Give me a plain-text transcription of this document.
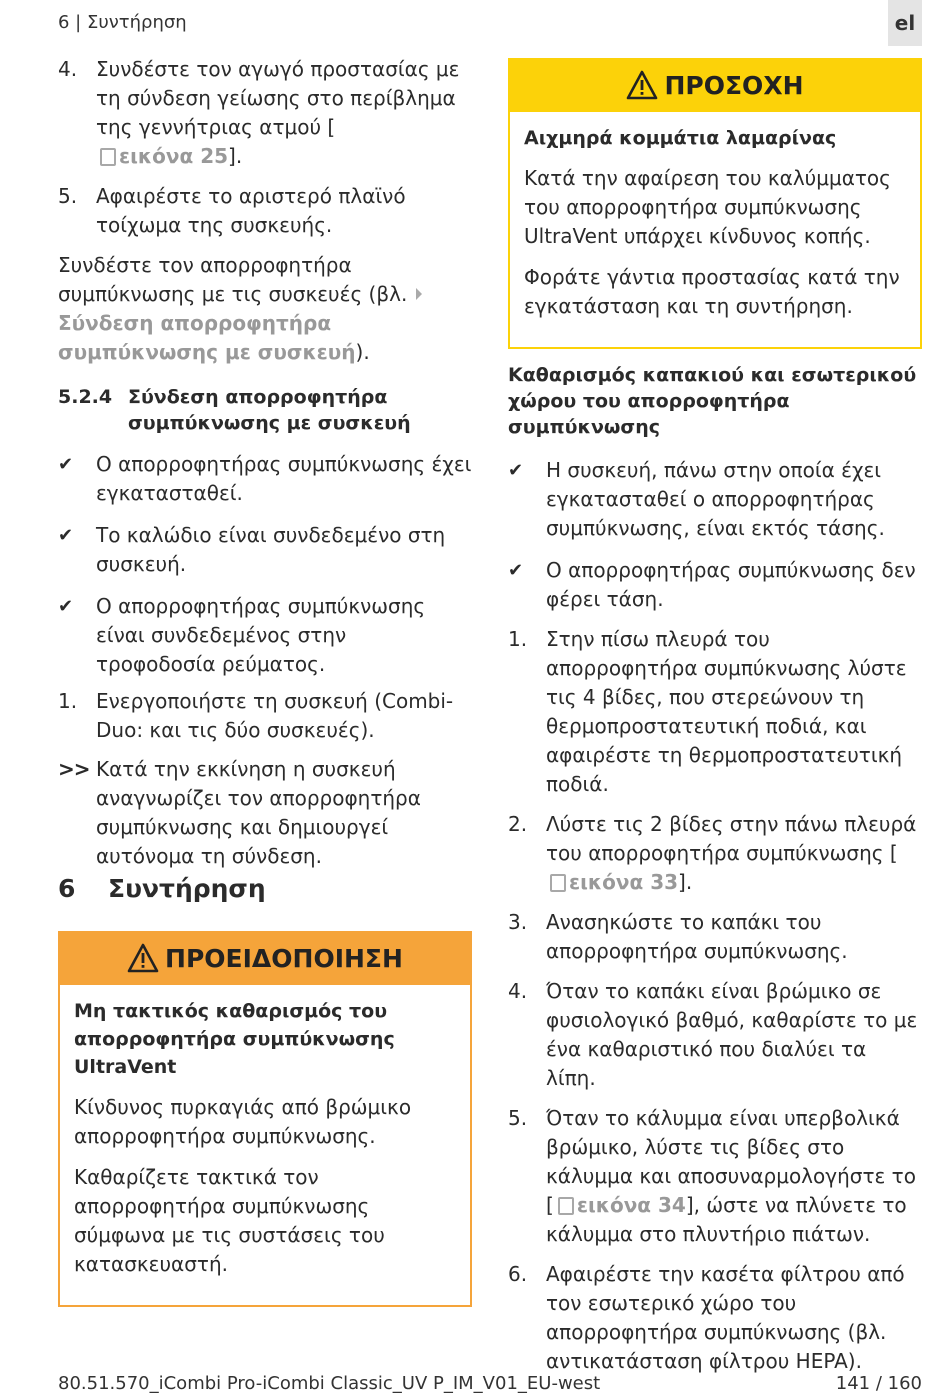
6 | Συντήρηση	el
4. Συνδέστε τον αγωγό προστασίας με τη σύνδεση γείωσης στο περίβλημα της γεννήτριας ατμού [εικόνα 25].
5. Αφαιρέστε το αριστερό πλαϊνό τοίχωμα της συσκευής.

Συνδέστε τον απορροφητήρα συμπύκνωσης με τις συσκευές (βλ. Σύνδεση απορροφητήρα συμπύκνωσης με συσκευή).

5.2.4 Σύνδεση απορροφητήρα συμπύκνωσης με συσκευή
✔	Ο απορροφητήρας συμπύκνωσης έχει εγκατασταθεί.
✔	Το καλώδιο είναι συνδεδεμένο στη συσκευή.
✔	Ο απορροφητήρας συμπύκνωσης είναι συνδεδεμένος στην τροφοδοσία ρεύματος.
1. Ενεργοποιήστε τη συσκευή (Combi-Duo: και τις δύο συσκευές).
>> Κατά την εκκίνηση η συσκευή αναγνωρίζει τον απορροφητήρα συμπύκνωσης και δημιουργεί αυτόνομα τη σύνδεση.
6 Συντήρηση
ΠΡΟΕΙΔΟΠΟΙΗΣΗ

Μη τακτικός καθαρισμός του απορροφητήρα συμπύκνωσης UltraVent

Κίνδυνος πυρκαγιάς από βρώμικο απορροφητήρα συμπύκνωσης.

Καθαρίζετε τακτικά τον απορροφητήρα συμπύκνωσης σύμφωνα με τις συστάσεις του κατασκευαστή.

ΠΡΟΣΟΧΗ

Αιχμηρά κομμάτια λαμαρίνας

Κατά την αφαίρεση του καλύμματος του απορροφητήρα συμπύκνωσης UltraVent υπάρχει κίνδυνος κοπής.

Φοράτε γάντια προστασίας κατά την εγκατάσταση και τη συντήρηση.

Καθαρισμός καπακιού και εσωτερικού χώρου του απορροφητήρα συμπύκνωσης
✔	Η συσκευή, πάνω στην οποία έχει εγκατασταθεί ο απορροφητήρας συμπύκνωσης, είναι εκτός τάσης.
✔	Ο απορροφητήρας συμπύκνωσης δεν φέρει τάση.
1. Στην πίσω πλευρά του απορροφητήρα συμπύκνωσης λύστε τις 4 βίδες, που στερεώνουν τη θερμοπροστατευτική ποδιά, και αφαιρέστε τη θερμοπροστατευτική ποδιά.
2. Λύστε τις 2 βίδες στην πάνω πλευρά του απορροφητήρα συμπύκνωσης [εικόνα 33].
3. Ανασηκώστε το καπάκι του απορροφητήρα συμπύκνωσης.
4. Όταν το καπάκι είναι βρώμικο σε φυσιολογικό βαθμό, καθαρίστε το με ένα καθαριστικό που διαλύει τα λίπη.
5. Όταν το κάλυμμα είναι υπερβολικά βρώμικο, λύστε τις βίδες στο κάλυμμα και αποσυναρμολογήστε το [ εικόνα 34], ώστε να πλύνετε το κάλυμμα στο πλυντήριο πιάτων.
6. Αφαιρέστε την κασέτα φίλτρου από τον εσωτερικό χώρο του απορροφητήρα συμπύκνωσης (βλ. αντικατάσταση φίλτρου HEPA).
80.51.570_iCombi Pro-iCombi Classic_UV P_IM_V01_EU-west	141 / 160
